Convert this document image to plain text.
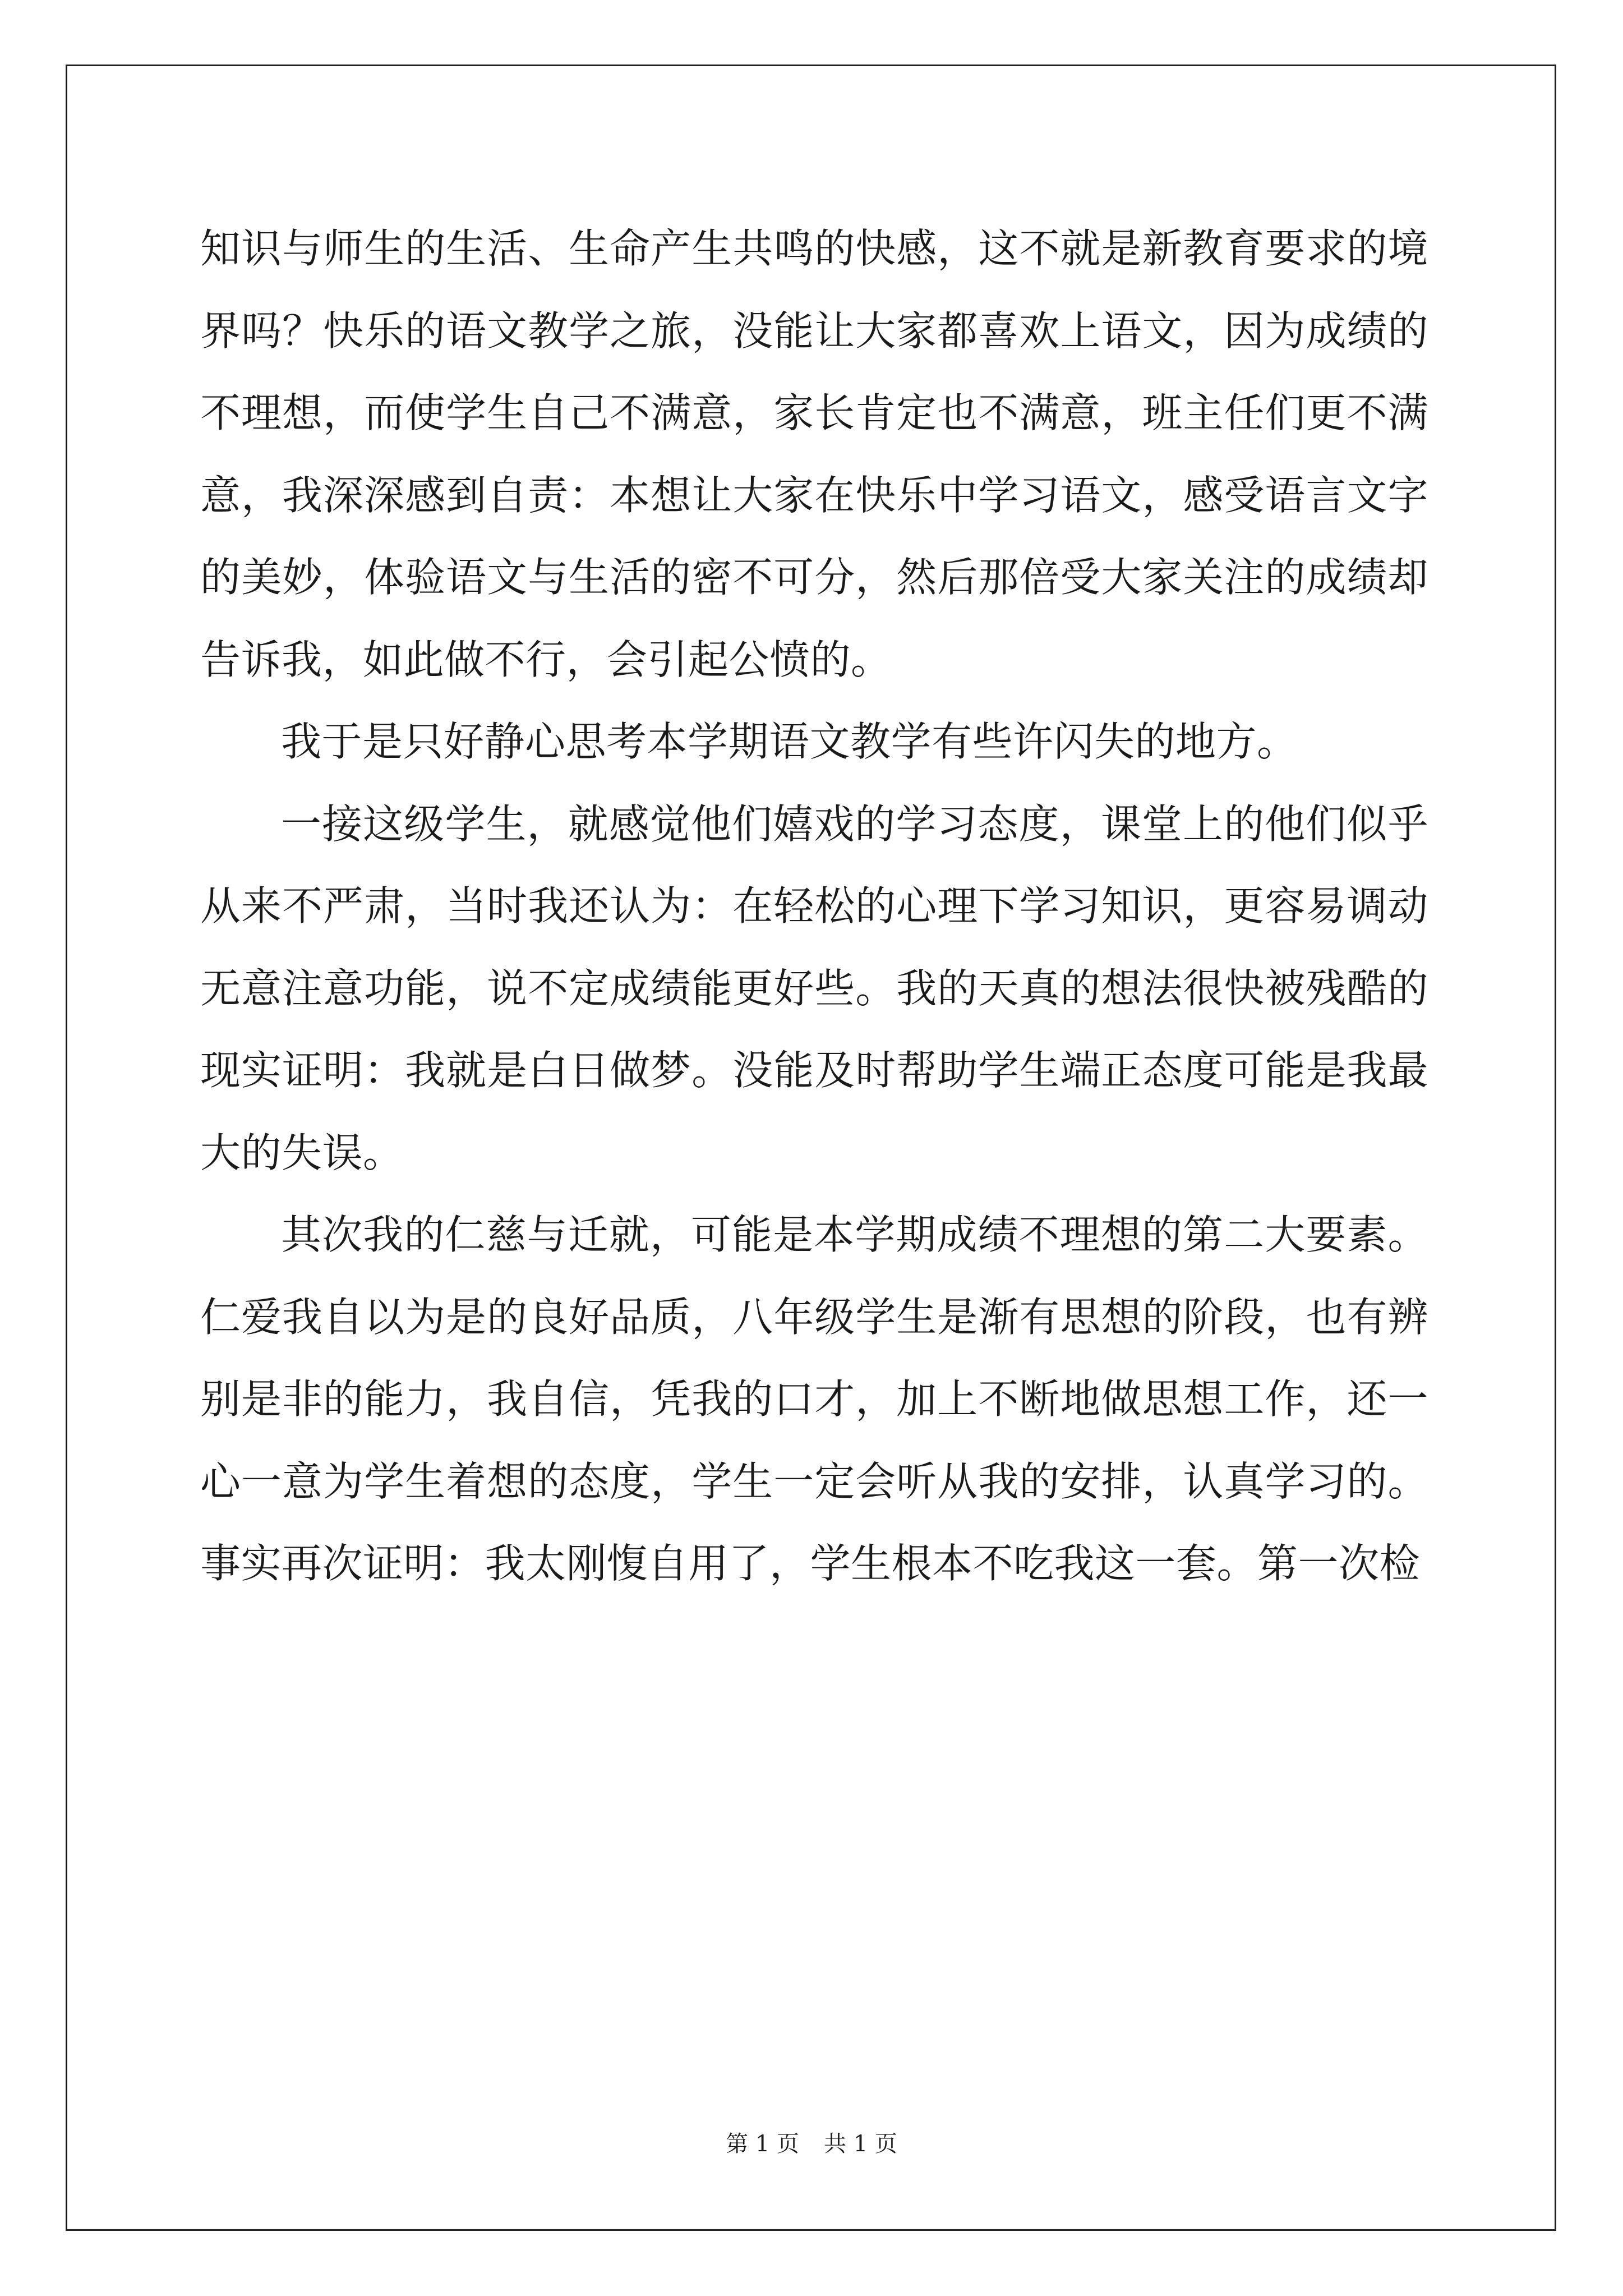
知识与师生的生活、生命产生共鸣的快感，这不就是新教育要求的境界吗？快乐的语文教学之旅，没能让大家都喜欢上语文，因为成绩的不理想，而使学生自己不满意，家长肯定也不满意，班主任们更不满意，我深深感到自责：本想让大家在快乐中学习语文，感受语言文字的美妙，体验语文与生活的密不可分，然后那倍受大家关注的成绩却告诉我，如此做不行，会引起公愤的。

我于是只好静心思考本学期语文教学有些许闪失的地方。

一接这级学生，就感觉他们嬉戏的学习态度，课堂上的他们似乎从来不严肃，当时我还认为：在轻松的心理下学习知识，更容易调动无意注意功能，说不定成绩能更好些。我的天真的想法很快被残酷的现实证明：我就是白日做梦。没能及时帮助学生端正态度可能是我最大的失误。

其次我的仁慈与迁就，可能是本学期成绩不理想的第二大要素。仁爱我自以为是的良好品质，八年级学生是渐有思想的阶段，也有辨别是非的能力，我自信，凭我的口才，加上不断地做思想工作，还一心一意为学生着想的态度，学生一定会听从我的安排，认真学习的。事实再次证明：我太刚愎自用了，学生根本不吃我这一套。第一次检

第 1 页 共 1 页
